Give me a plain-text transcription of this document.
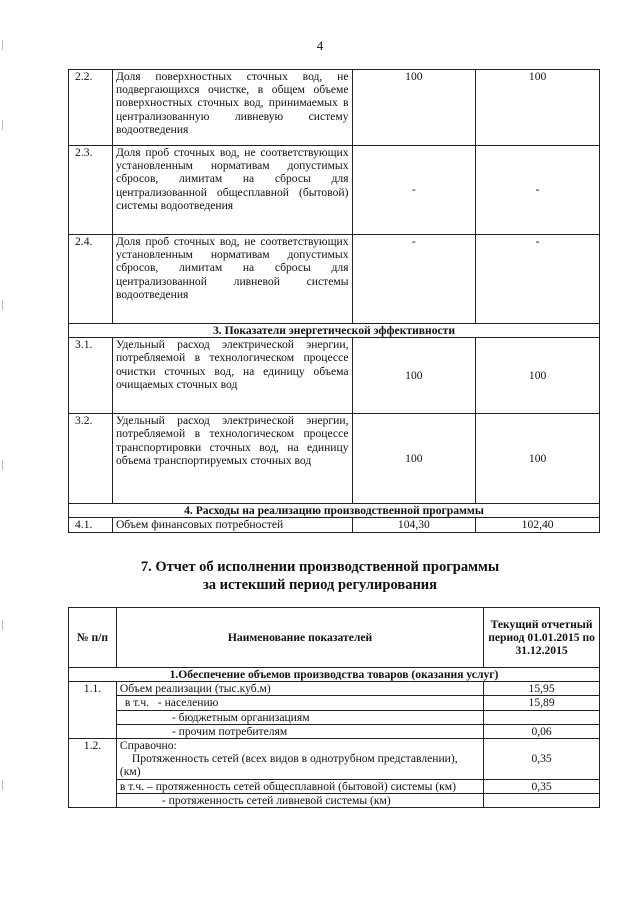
4
2.2.	Доля поверхностных сточных вод, не подвергающихся очистке, в общем объеме поверхностных сточных вод, принимаемых в централизованную ливневую систему водоотведения	100	100
2.3.	Доля проб сточных вод, не соответствующих установленным нормативам допустимых сбросов, лимитам на сбросы для централизованной общесплавной (бытовой) системы водоотведения	-	-
2.4.	Доля проб сточных вод, не соответствующих установленным нормативам допустимых сбросов, лимитам на сбросы для централизованной ливневой системы водоотведения	-	-
3. Показатели энергетической эффективности			
3.1.	Удельный расход электрической энергии, потребляемой в технологическом процессе очистки сточных вод, на единицу объема очищаемых сточных вод	100	100
3.2.	Удельный расход электрической энергии, потребляемой в технологическом процессе транспортировки сточных вод, на единицу объема транспортируемых сточных вод	100	100
4. Расходы на реализацию производственной программы			
4.1.	Объем финансовых потребностей	104,30	102,40
7. Отчет об исполнении производственной программы
за истекший период регулирования
№ п/п	Наименование показателей	Текущий отчетный период 01.01.2015 по 31.12.2015
1.Обеспечение объемов производства товаров (оказания услуг)		
1.1.	Объем реализации (тыс.куб.м)	15,95
	в т.ч. - населению	15,89
	- бюджетным организациям	
	- прочим потребителям	0,06
1.2.	Справочно:
Протяженность сетей (всех видов в однотрубном представлении), (км)	0,35
	в т.ч. – протяженность сетей общесплавной (бытовой) системы (км)	0,35
	- протяженность сетей ливневой системы (км)	
